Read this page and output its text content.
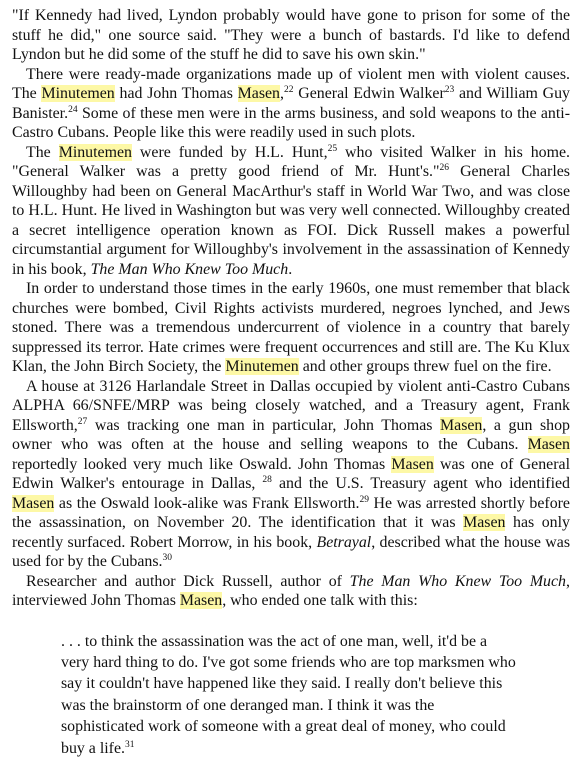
"If Kennedy had lived, Lyndon probably would have gone to prison for some of the stuff he did," one source said. "They were a bunch of bastards. I'd like to defend Lyndon but he did some of the stuff he did to save his own skin."

There were ready-made organizations made up of violent men with violent causes. The Minutemen had John Thomas Masen,$^{22}$ General Edwin Walker$^{23}$ and William Guy Banister.$^{24}$ Some of these men were in the arms business, and sold weapons to the anti-Castro Cubans. People like this were readily used in such plots.

The Minutemen were funded by H.L. Hunt,$^{25}$ who visited Walker in his home. "General Walker was a pretty good friend of Mr. Hunt's."$^{26}$ General Charles Willoughby had been on General MacArthur's staff in World War Two, and was close to H.L. Hunt. He lived in Washington but was very well connected. Willoughby created a secret intelligence operation known as FOI. Dick Russell makes a powerful circumstantial argument for Willoughby's involvement in the assassination of Kennedy in his book, The Man Who Knew Too Much.

In order to understand those times in the early 1960s, one must remember that black churches were bombed, Civil Rights activists murdered, negroes lynched, and Jews stoned. There was a tremendous undercurrent of violence in a country that barely suppressed its terror. Hate crimes were frequent occurrences and still are. The Ku Klux Klan, the John Birch Society, the Minutemen and other groups threw fuel on the fire.

A house at 3126 Harlandale Street in Dallas occupied by violent anti-Castro Cubans ALPHA 66/SNFE/MRP was being closely watched, and a Treasury agent, Frank Ellsworth,$^{27}$ was tracking one man in particular, John Thomas Masen, a gun shop owner who was often at the house and selling weapons to the Cubans. Masen reportedly looked very much like Oswald. John Thomas Masen was one of General Edwin Walker's entourage in Dallas, $^{28}$ and the U.S. Treasury agent who identified Masen as the Oswald look-alike was Frank Ellsworth.$^{29}$ He was arrested shortly before the assassination, on November 20. The identification that it was Masen has only recently surfaced. Robert Morrow, in his book, Betrayal, described what the house was used for by the Cubans.$^{30}$

Researcher and author Dick Russell, author of The Man Who Knew Too Much, interviewed John Thomas Masen, who ended one talk with this:

. . . to think the assassination was the act of one man, well, it'd be a very hard thing to do. I've got some friends who are top marksmen who say it couldn't have happened like they said. I really don't believe this was the brainstorm of one deranged man. I think it was the sophisticated work of someone with a great deal of money, who could buy a life.$^{31}$
